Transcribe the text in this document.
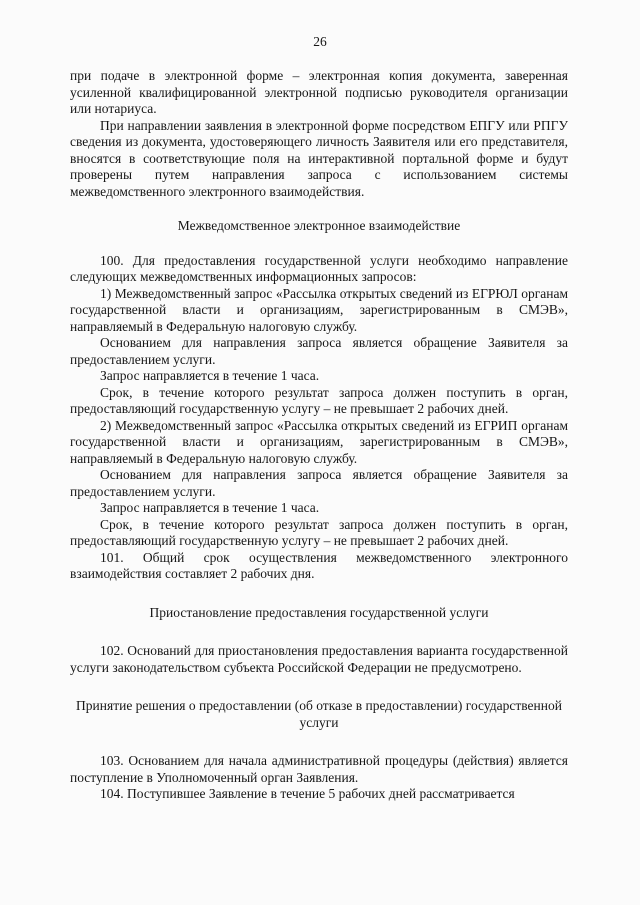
26

при подаче в электронной форме – электронная копия документа, заверенная усиленной квалифицированной электронной подписью руководителя организации или нотариуса.

При направлении заявления в электронной форме посредством ЕПГУ или РПГУ сведения из документа, удостоверяющего личность Заявителя или его представителя, вносятся в соответствующие поля на интерактивной портальной форме и будут проверены путем направления запроса с использованием системы межведомственного электронного взаимодействия.

Межведомственное электронное взаимодействие

100. Для предоставления государственной услуги необходимо направление следующих межведомственных информационных запросов:

1) Межведомственный запрос «Рассылка открытых сведений из ЕГРЮЛ органам государственной власти и организациям, зарегистрированным в СМЭВ», направляемый в Федеральную налоговую службу.

Основанием для направления запроса является обращение Заявителя за предоставлением услуги.

Запрос направляется в течение 1 часа.

Срок, в течение которого результат запроса должен поступить в орган, предоставляющий государственную услугу – не превышает 2 рабочих дней.

2) Межведомственный запрос «Рассылка открытых сведений из ЕГРИП органам государственной власти и организациям, зарегистрированным в СМЭВ», направляемый в Федеральную налоговую службу.

Основанием для направления запроса является обращение Заявителя за предоставлением услуги.

Запрос направляется в течение 1 часа.

Срок, в течение которого результат запроса должен поступить в орган, предоставляющий государственную услугу – не превышает 2 рабочих дней.

101. Общий срок осуществления межведомственного электронного взаимодействия составляет 2 рабочих дня.

Приостановление предоставления государственной услуги

102. Оснований для приостановления предоставления варианта государственной услуги законодательством субъекта Российской Федерации не предусмотрено.

Принятие решения о предоставлении (об отказе в предоставлении) государственной услуги

103. Основанием для начала административной процедуры (действия) является поступление в Уполномоченный орган Заявления.

104. Поступившее Заявление в течение 5 рабочих дней рассматривается
